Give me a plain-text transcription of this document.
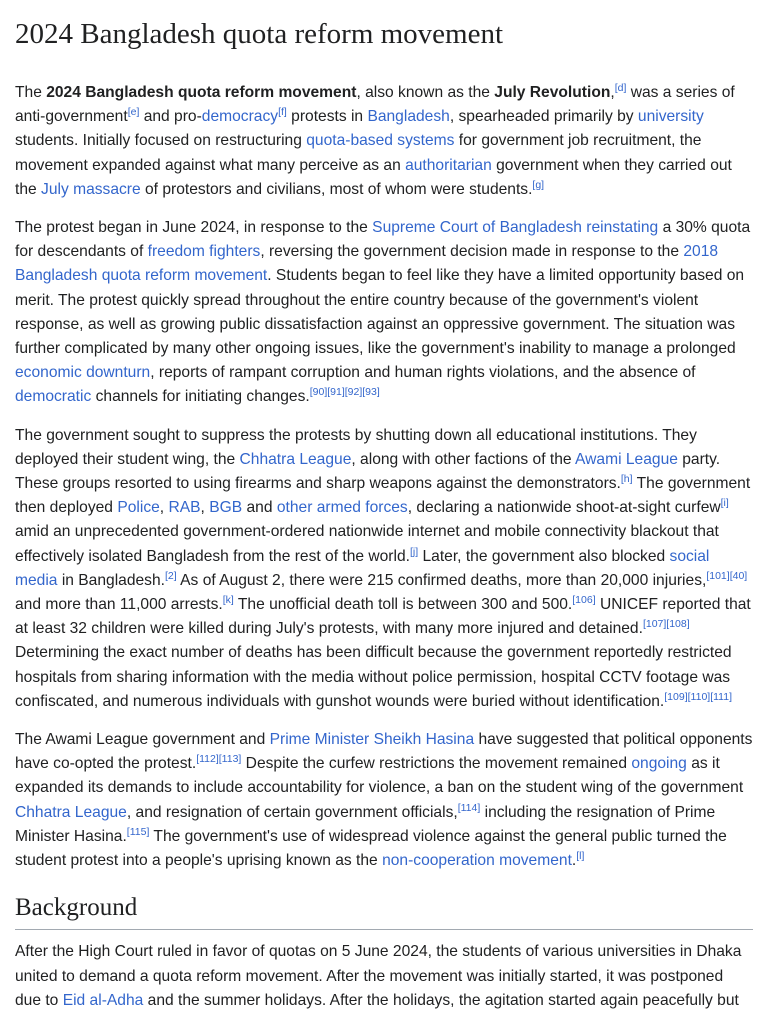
2024 Bangladesh quota reform movement

The 2024 Bangladesh quota reform movement, also known as the July Revolution,[d] was a series of anti-government[e] and pro-democracy[f] protests in Bangladesh, spearheaded primarily by university students. Initially focused on restructuring quota-based systems for government job recruitment, the movement expanded against what many perceive as an authoritarian government when they carried out the July massacre of protestors and civilians, most of whom were students.[g]

The protest began in June 2024, in response to the Supreme Court of Bangladesh reinstating a 30% quota for descendants of freedom fighters, reversing the government decision made in response to the 2018 Bangladesh quota reform movement. Students began to feel like they have a limited opportunity based on merit. The protest quickly spread throughout the entire country because of the government's violent response, as well as growing public dissatisfaction against an oppressive government. The situation was further complicated by many other ongoing issues, like the government's inability to manage a prolonged economic downturn, reports of rampant corruption and human rights violations, and the absence of democratic channels for initiating changes.[90][91][92][93]

The government sought to suppress the protests by shutting down all educational institutions. They deployed their student wing, the Chhatra League, along with other factions of the Awami League party. These groups resorted to using firearms and sharp weapons against the demonstrators.[h] The government then deployed Police, RAB, BGB and other armed forces, declaring a nationwide shoot-at-sight curfew[i] amid an unprecedented government-ordered nationwide internet and mobile connectivity blackout that effectively isolated Bangladesh from the rest of the world.[j] Later, the government also blocked social media in Bangladesh.[2] As of August 2, there were 215 confirmed deaths, more than 20,000 injuries,[101][40] and more than 11,000 arrests.[k] The unofficial death toll is between 300 and 500.[106] UNICEF reported that at least 32 children were killed during July's protests, with many more injured and detained.[107][108] Determining the exact number of deaths has been difficult because the government reportedly restricted hospitals from sharing information with the media without police permission, hospital CCTV footage was confiscated, and numerous individuals with gunshot wounds were buried without identification.[109][110][111]

The Awami League government and Prime Minister Sheikh Hasina have suggested that political opponents have co-opted the protest.[112][113] Despite the curfew restrictions the movement remained ongoing as it expanded its demands to include accountability for violence, a ban on the student wing of the government Chhatra League, and resignation of certain government officials,[114] including the resignation of Prime Minister Hasina.[115] The government's use of widespread violence against the general public turned the student protest into a people's uprising known as the non-cooperation movement.[l]

Background

After the High Court ruled in favor of quotas on 5 June 2024, the students of various universities in Dhaka united to demand a quota reform movement. After the movement was initially started, it was postponed due to Eid al-Adha and the summer holidays. After the holidays, the agitation started again peacefully but
